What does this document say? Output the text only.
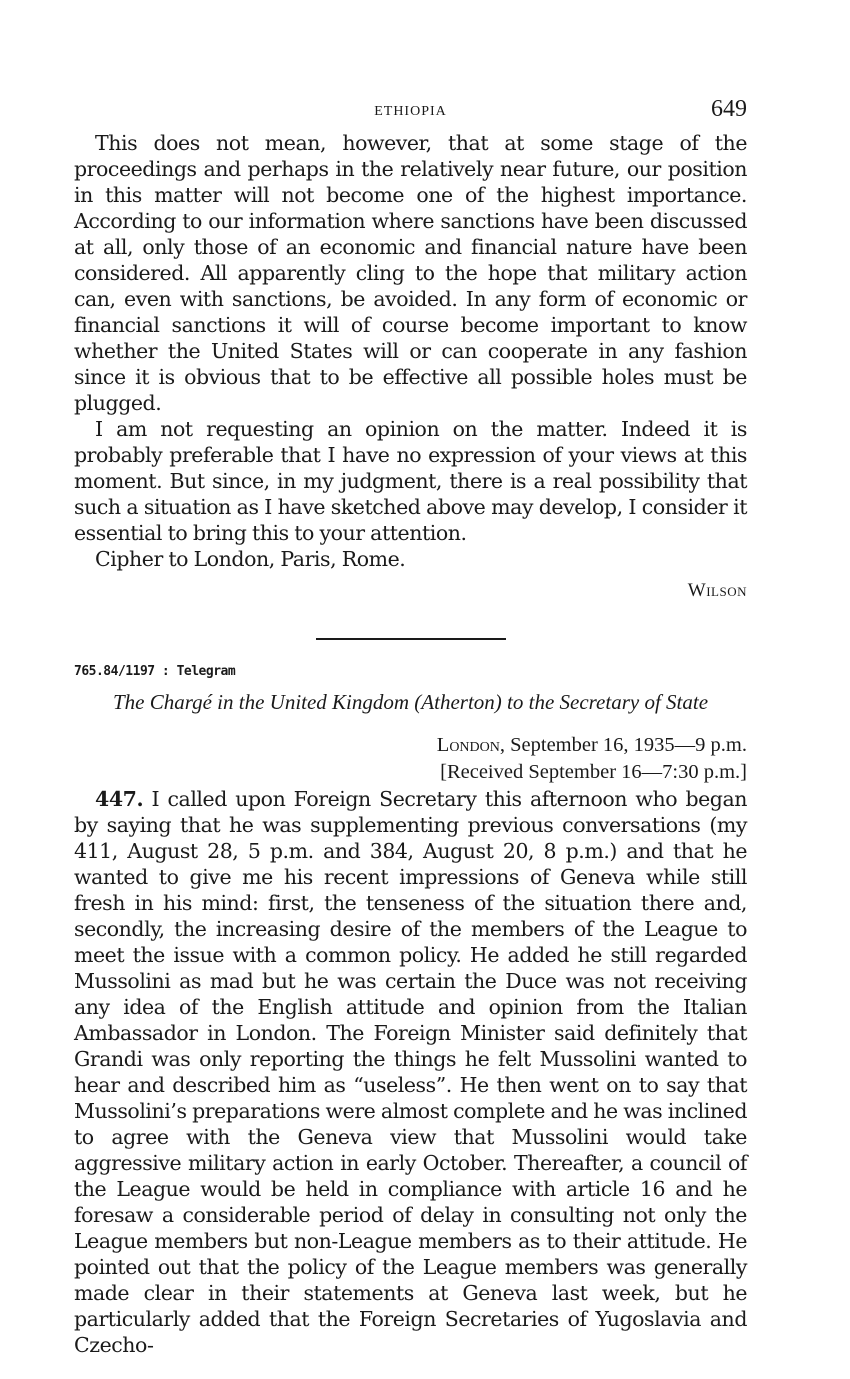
ETHIOPIA	649

This does not mean, however, that at some stage of the proceedings and perhaps in the relatively near future, our position in this matter will not become one of the highest importance. According to our information where sanctions have been discussed at all, only those of an economic and financial nature have been considered. All apparently cling to the hope that military action can, even with sanctions, be avoided. In any form of economic or financial sanctions it will of course become important to know whether the United States will or can cooperate in any fashion since it is obvious that to be effective all possible holes must be plugged.

I am not requesting an opinion on the matter. Indeed it is probably preferable that I have no expression of your views at this moment. But since, in my judgment, there is a real possibility that such a situation as I have sketched above may develop, I consider it essential to bring this to your attention.

Cipher to London, Paris, Rome.

Wilson
765.84/1197 : Telegram
The Chargé in the United Kingdom (Atherton) to the Secretary of State
London, September 16, 1935—9 p.m.
[Received September 16—7:30 p.m.]

447. I called upon Foreign Secretary this afternoon who began by saying that he was supplementing previous conversations (my 411, August 28, 5 p.m. and 384, August 20, 8 p.m.) and that he wanted to give me his recent impressions of Geneva while still fresh in his mind: first, the tenseness of the situation there and, secondly, the increasing desire of the members of the League to meet the issue with a common policy. He added he still regarded Mussolini as mad but he was certain the Duce was not receiving any idea of the English attitude and opinion from the Italian Ambassador in London. The Foreign Minister said definitely that Grandi was only reporting the things he felt Mussolini wanted to hear and described him as “useless”. He then went on to say that Mussolini’s preparations were almost complete and he was inclined to agree with the Geneva view that Mussolini would take aggressive military action in early October. Thereafter, a council of the League would be held in compliance with article 16 and he foresaw a considerable period of delay in consulting not only the League members but non-League members as to their attitude. He pointed out that the policy of the League members was generally made clear in their statements at Geneva last week, but he particularly added that the Foreign Secretaries of Yugoslavia and Czecho-
